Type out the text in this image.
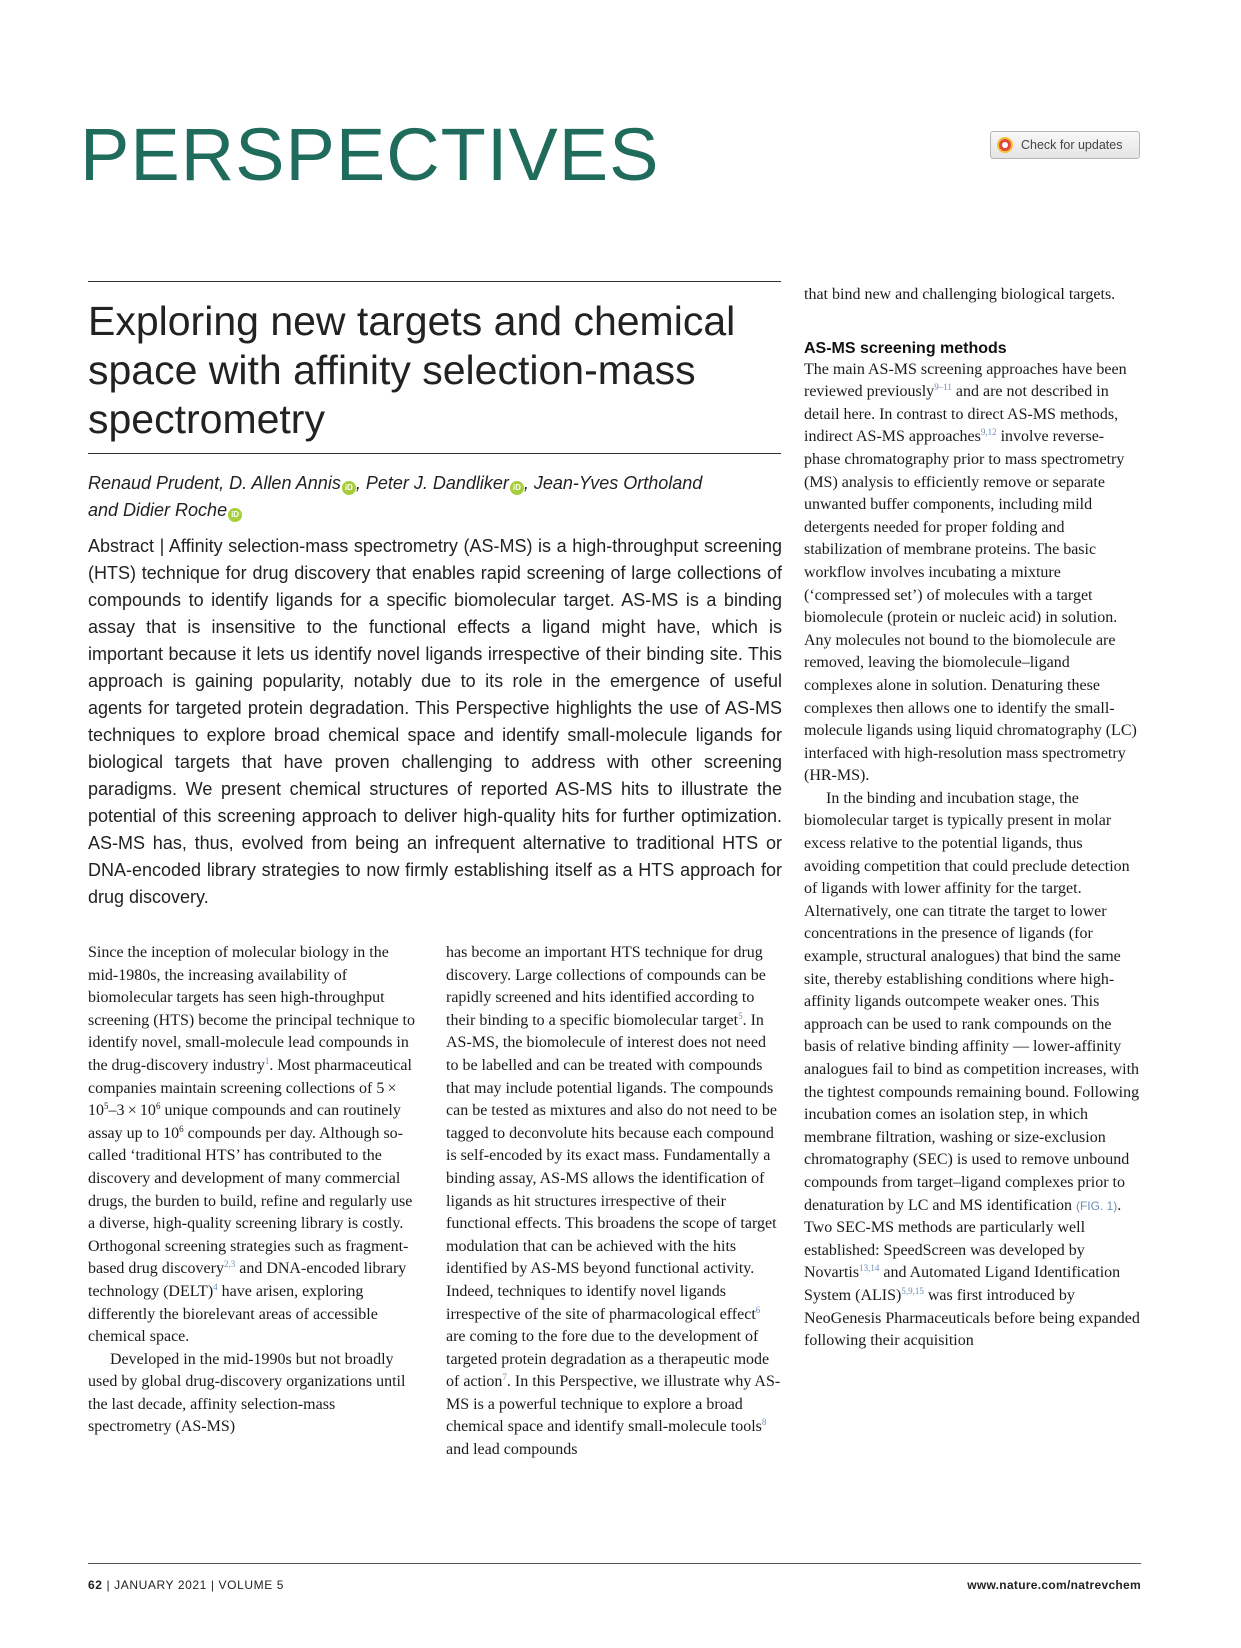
PERSPECTIVES	Check for updates
Exploring new targets and chemical space with affinity selection-mass spectrometry
Renaud Prudent, D. Allen Annis iD , Peter J. Dandliker iD , Jean-Yves Ortholand
and Didier Roche iD

Abstract | Affinity selection-mass spectrometry (AS-MS) is a high-throughput screening (HTS) technique for drug discovery that enables rapid screening of large collections of compounds to identify ligands for a specific biomolecular target. AS-MS is a binding assay that is insensitive to the functional effects a ligand might have, which is important because it lets us identify novel ligands irrespective of their binding site. This approach is gaining popularity, notably due to its role in the emergence of useful agents for targeted protein degradation. This Perspective highlights the use of AS-MS techniques to explore broad chemical space and identify small-molecule ligands for biological targets that have proven challenging to address with other screening paradigms. We present chemical structures of reported AS-MS hits to illustrate the potential of this screening approach to deliver high-quality hits for further optimization. AS-MS has, thus, evolved from being an infrequent alternative to traditional HTS or DNA-encoded library strategies to now firmly establishing itself as a HTS approach for drug discovery.

Since the inception of molecular biology in the mid-1980s, the increasing availability of biomolecular targets has seen high-throughput screening (HTS) become the principal technique to identify novel, small-molecule lead compounds in the drug-discovery industry$^1$. Most pharmaceutical companies maintain screening collections of $5 \times 10^5-3 \times 10^6$ unique compounds and can routinely assay up to $10^6$ compounds per day. Although so-called ‘traditional HTS’ has contributed to the discovery and development of many commercial drugs, the burden to build, refine and regularly use a diverse, high-quality screening library is costly. Orthogonal screening strategies such as fragment-based drug discovery$^{2,3}$ and DNA-encoded library technology (DELT)$^4$ have arisen, exploring differently the biorelevant areas of accessible chemical space.

Developed in the mid-1990s but not broadly used by global drug-discovery organizations until the last decade, affinity selection-mass spectrometry (AS-MS)

has become an important HTS technique for drug discovery. Large collections of compounds can be rapidly screened and hits identified according to their binding to a specific biomolecular target$^5$. In AS-MS, the biomolecule of interest does not need to be labelled and can be treated with compounds that may include potential ligands. The compounds can be tested as mixtures and also do not need to be tagged to deconvolute hits because each compound is self-encoded by its exact mass. Fundamentally a binding assay, AS-MS allows the identification of ligands as hit structures irrespective of their functional effects. This broadens the scope of target modulation that can be achieved with the hits identified by AS-MS beyond functional activity. Indeed, techniques to identify novel ligands irrespective of the site of pharmacological effect$^6$ are coming to the fore due to the development of targeted protein degradation as a therapeutic mode of action$^7$. In this Perspective, we illustrate why AS-MS is a powerful technique to explore a broad chemical space and identify small-molecule tools$^8$ and lead compounds

that bind new and challenging biological targets.

AS-MS screening methods

The main AS-MS screening approaches have been reviewed previously$^{9-11}$ and are not described in detail here. In contrast to direct AS-MS methods, indirect AS-MS approaches$^{9,12}$ involve reverse-phase chromatography prior to mass spectrometry (MS) analysis to efficiently remove or separate unwanted buffer components, including mild detergents needed for proper folding and stabilization of membrane proteins. The basic workflow involves incubating a mixture (‘compressed set’) of molecules with a target biomolecule (protein or nucleic acid) in solution. Any molecules not bound to the biomolecule are removed, leaving the biomolecule–ligand complexes alone in solution. Denaturing these complexes then allows one to identify the small-molecule ligands using liquid chromatography (LC) interfaced with high-resolution mass spectrometry (HR-MS).

In the binding and incubation stage, the biomolecular target is typically present in molar excess relative to the potential ligands, thus avoiding competition that could preclude detection of ligands with lower affinity for the target. Alternatively, one can titrate the target to lower concentrations in the presence of ligands (for example, structural analogues) that bind the same site, thereby establishing conditions where high-affinity ligands outcompete weaker ones. This approach can be used to rank compounds on the basis of relative binding affinity — lower-affinity analogues fail to bind as competition increases, with the tightest compounds remaining bound. Following incubation comes an isolation step, in which membrane filtration, washing or size-exclusion chromatography (SEC) is used to remove unbound compounds from target–ligand complexes prior to denaturation by LC and MS identification (FIG. 1). Two SEC-MS methods are particularly well established: SpeedScreen was developed by Novartis$^{13,14}$ and Automated Ligand Identification System (ALIS)$^{5,9,15}$ was first introduced by NeoGenesis Pharmaceuticals before being expanded following their acquisition

62 | JANUARY 2021 | VOLUME 5	www.nature.com/natrevchem
